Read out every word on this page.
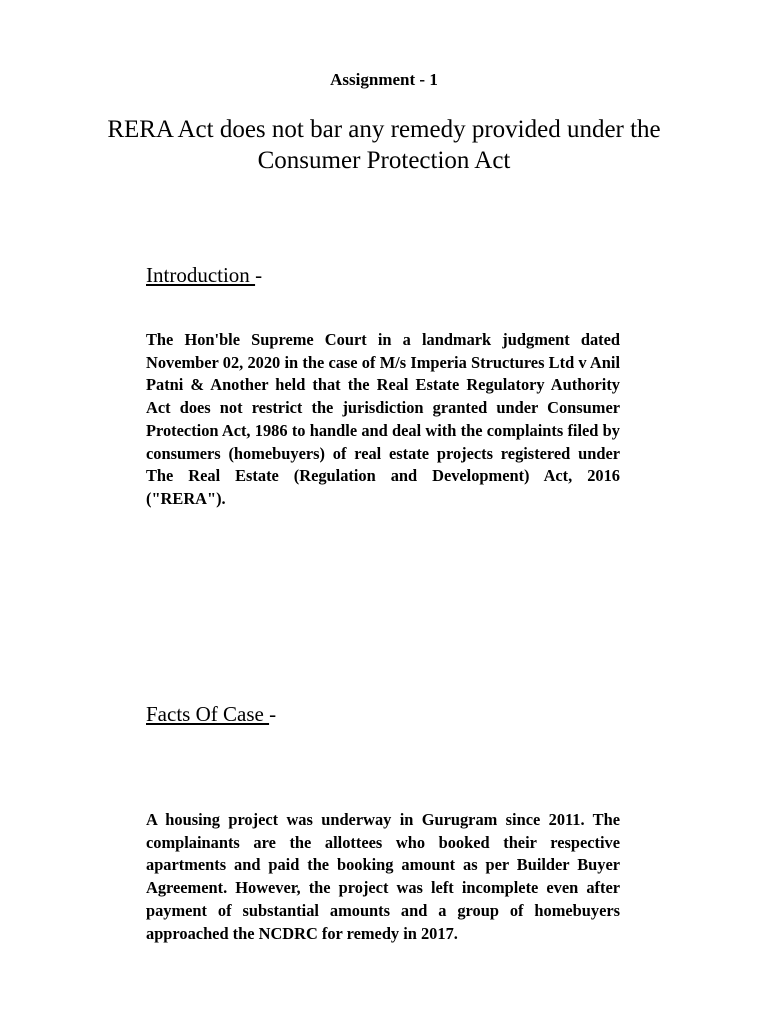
Assignment - 1
RERA Act does not bar any remedy provided under the Consumer Protection Act
Introduction -
The Hon'ble Supreme Court in a landmark judgment dated November 02, 2020 in the case of M/s Imperia Structures Ltd v Anil Patni & Another held that the Real Estate Regulatory Authority Act does not restrict the jurisdiction granted under Consumer Protection Act, 1986 to handle and deal with the complaints filed by consumers (homebuyers) of real estate projects registered under The Real Estate (Regulation and Development) Act, 2016 ("RERA").
Facts Of Case -
A housing project was underway in Gurugram since 2011. The complainants are the allottees who booked their respective apartments and paid the booking amount as per Builder Buyer Agreement. However, the project was left incomplete even after payment of substantial amounts and a group of homebuyers approached the NCDRC for remedy in 2017.
